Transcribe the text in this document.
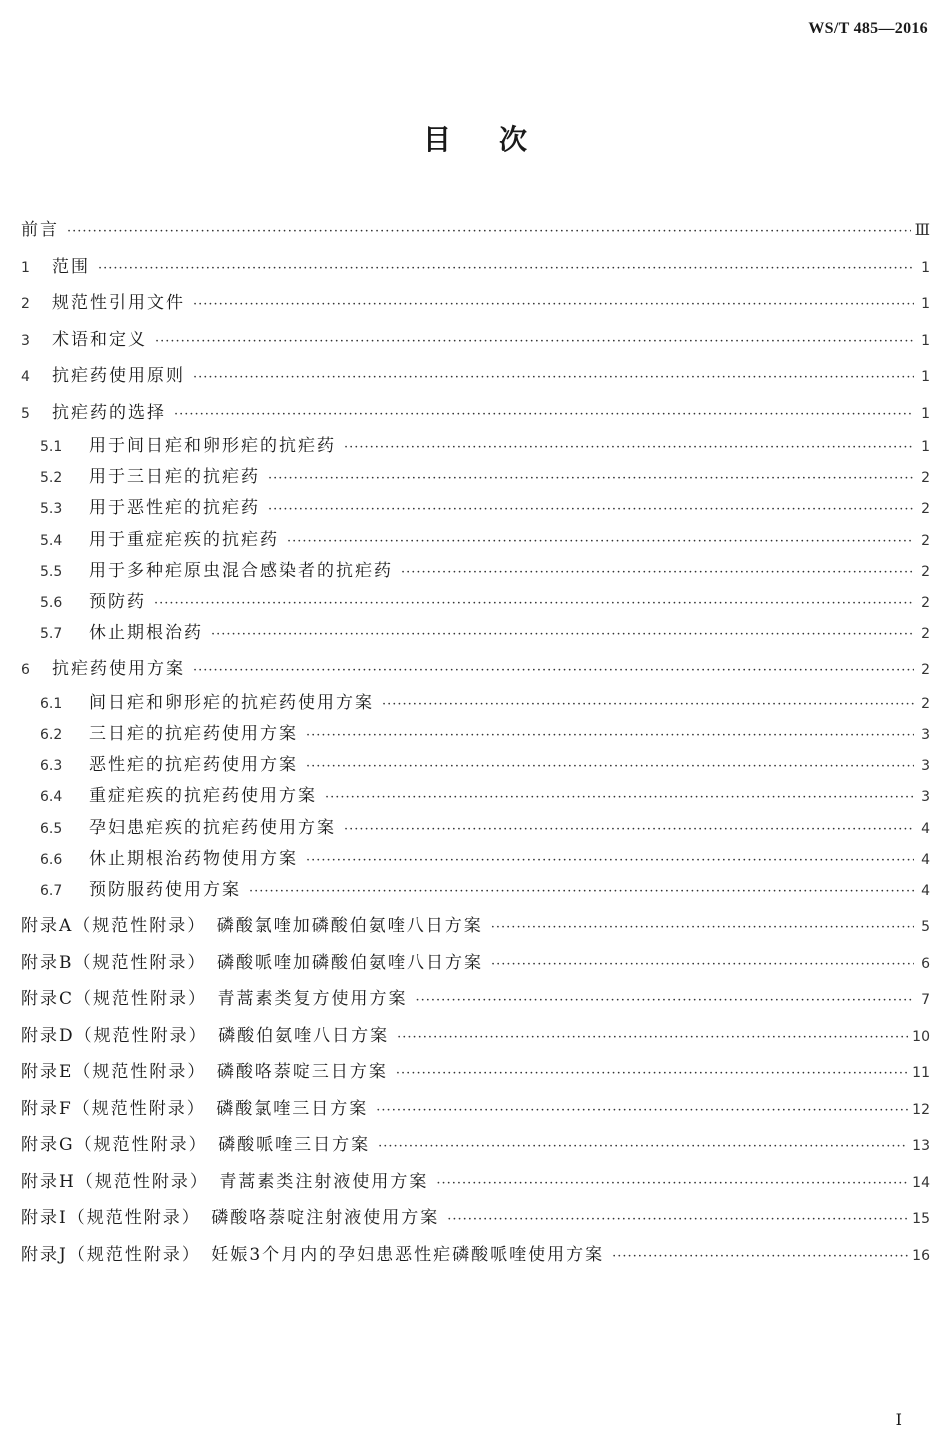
WS/T 485—2016
目次
前言 ·····	Ⅲ
1	范围 ·····	1
2	规范性引用文件 ·····	1
3	术语和定义 ·····	1
4	抗疟药使用原则 ·····	1
5	抗疟药的选择 ·····	1
5.1	用于间日疟和卵形疟的抗疟药 ·····	1
5.2	用于三日疟的抗疟药 ·····	2
5.3	用于恶性疟的抗疟药 ·····	2
5.4	用于重症疟疾的抗疟药 ·····	2
5.5	用于多种疟原虫混合感染者的抗疟药 ·····	2
5.6	预防药 ·····	2
5.7	休止期根治药 ·····	2
6	抗疟药使用方案 ·····	2
6.1	间日疟和卵形疟的抗疟药使用方案 ·····	2
6.2	三日疟的抗疟药使用方案 ·····	3
6.3	恶性疟的抗疟药使用方案 ·····	3
6.4	重症疟疾的抗疟药使用方案 ·····	3
6.5	孕妇患疟疾的抗疟药使用方案 ·····	4
6.6	休止期根治药物使用方案 ·····	4
6.7	预防服药使用方案 ·····	4
附录A（规范性附录）　磷酸氯喹加磷酸伯氨喹八日方案 ·····	5
附录B（规范性附录）　磷酸哌喹加磷酸伯氨喹八日方案 ·····	6
附录C（规范性附录）　青蒿素类复方使用方案 ·····	7
附录D（规范性附录）　磷酸伯氨喹八日方案 ·····	10
附录E（规范性附录）　磷酸咯萘啶三日方案 ·····	11
附录F（规范性附录）　磷酸氯喹三日方案 ·····	12
附录G（规范性附录）　磷酸哌喹三日方案 ·····	13
附录H（规范性附录）　青蒿素类注射液使用方案 ·····	14
附录I（规范性附录）　磷酸咯萘啶注射液使用方案 ·····	15
附录J（规范性附录）　妊娠3个月内的孕妇患恶性疟磷酸哌喹使用方案 ·····	16
I
